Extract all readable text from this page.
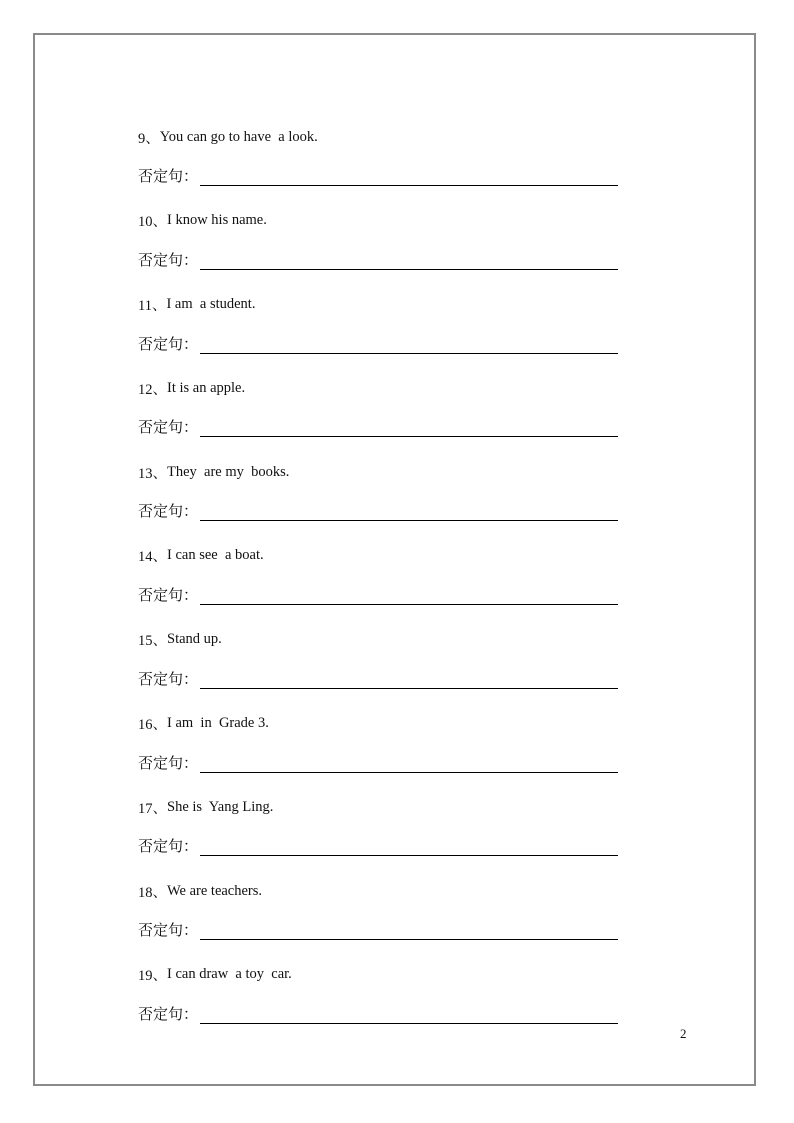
9、 You can go to have  a look.
否定句：
10、 I know his name.
否定句：
11、 I am  a student.
否定句：
12、 It is an apple.
否定句：
13、 They  are my  books.
否定句：
14、 I can see  a boat.
否定句：
15、 Stand up.
否定句：
16、 I am  in  Grade 3.
否定句：
17、 She is  Yang Ling.
否定句：
18、 We are teachers.
否定句：
19、 I can draw  a toy  car.
否定句：
2
